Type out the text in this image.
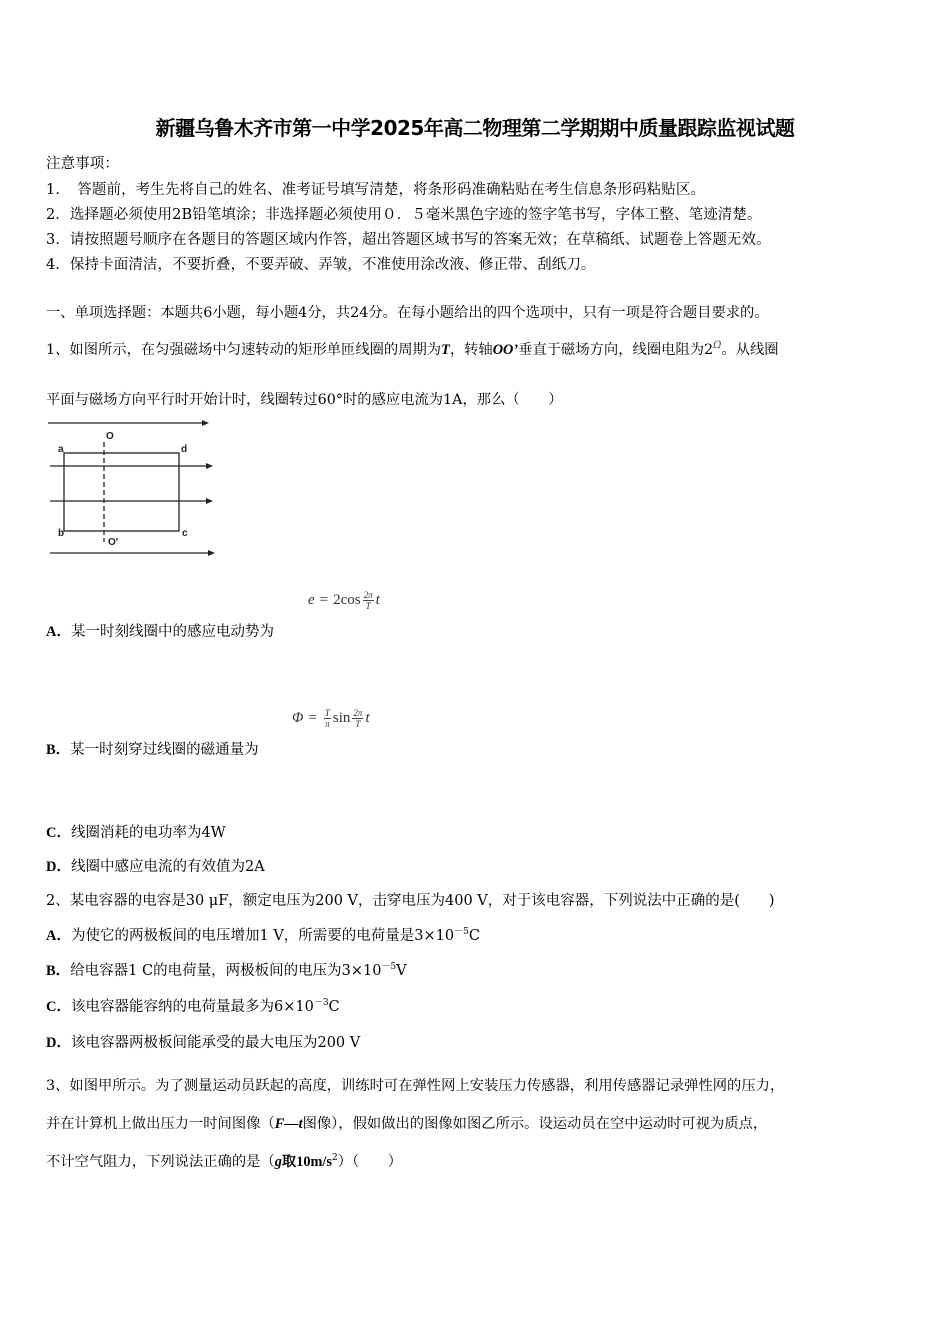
新疆乌鲁木齐市第一中学2025年高二物理第二学期期中质量跟踪监视试题
注意事项：
1．　答题前，考生先将自己的姓名、准考证号填写清楚，将条形码准确粘贴在考生信息条形码粘贴区。
2．选择题必须使用2B铅笔填涂；非选择题必须使用０．５毫米黑色字迹的签字笔书写，字体工整、笔迹清楚。
3．请按照题号顺序在各题目的答题区域内作答，超出答题区域书写的答案无效；在草稿纸、试题卷上答题无效。
4．保持卡面清洁，不要折叠，不要弄破、弄皱，不准使用涂改液、修正带、刮纸刀。
一、单项选择题：本题共6小题，每小题4分，共24分。在每小题给出的四个选项中，只有一项是符合题目要求的。
1、如图所示，在匀强磁场中匀速转动的矩形单匝线圈的周期为T，转轴OO’垂直于磁场方向，线圈电阻为$2^\Omega$。从线圈
平面与磁场方向平行时开始计时，线圈转过60°时的感应电流为1A，那么（　　）
a
b	c
d
O
O′
$e = 2\cos \frac{2\pi}{T}$ t
A．某一时刻线圈中的感应电动势为
$\Phi = \frac{T}{\pi}$ $\sin \frac{2\pi}{T}$ t
B．某一时刻穿过线圈的磁通量为
C．线圈消耗的电功率为4W
D．线圈中感应电流的有效值为2A
2、某电容器的电容是30 μF，额定电压为200 V，击穿电压为400 V，对于该电容器，下列说法中正确的是(　　)
A．为使它的两极板间的电压增加1 V，所需要的电荷量是$3\times 10^{-5}C$
B．给电容器1 C的电荷量，两极板间的电压为$3\times 10^{-5}V$
C．该电容器能容纳的电荷量最多为$6\times 10^{-3}C$
D．该电容器两极板间能承受的最大电压为200 V
3、如图甲所示。为了测量运动员跃起的高度，训练时可在弹性网上安装压力传感器，利用传感器记录弹性网的压力，
并在计算机上做出压力一时间图像（F—t图像），假如做出的图像如图乙所示。设运动员在空中运动时可视为质点，
不计空气阻力，下列说法正确的是（g取$10m/s^2$）（　　）
